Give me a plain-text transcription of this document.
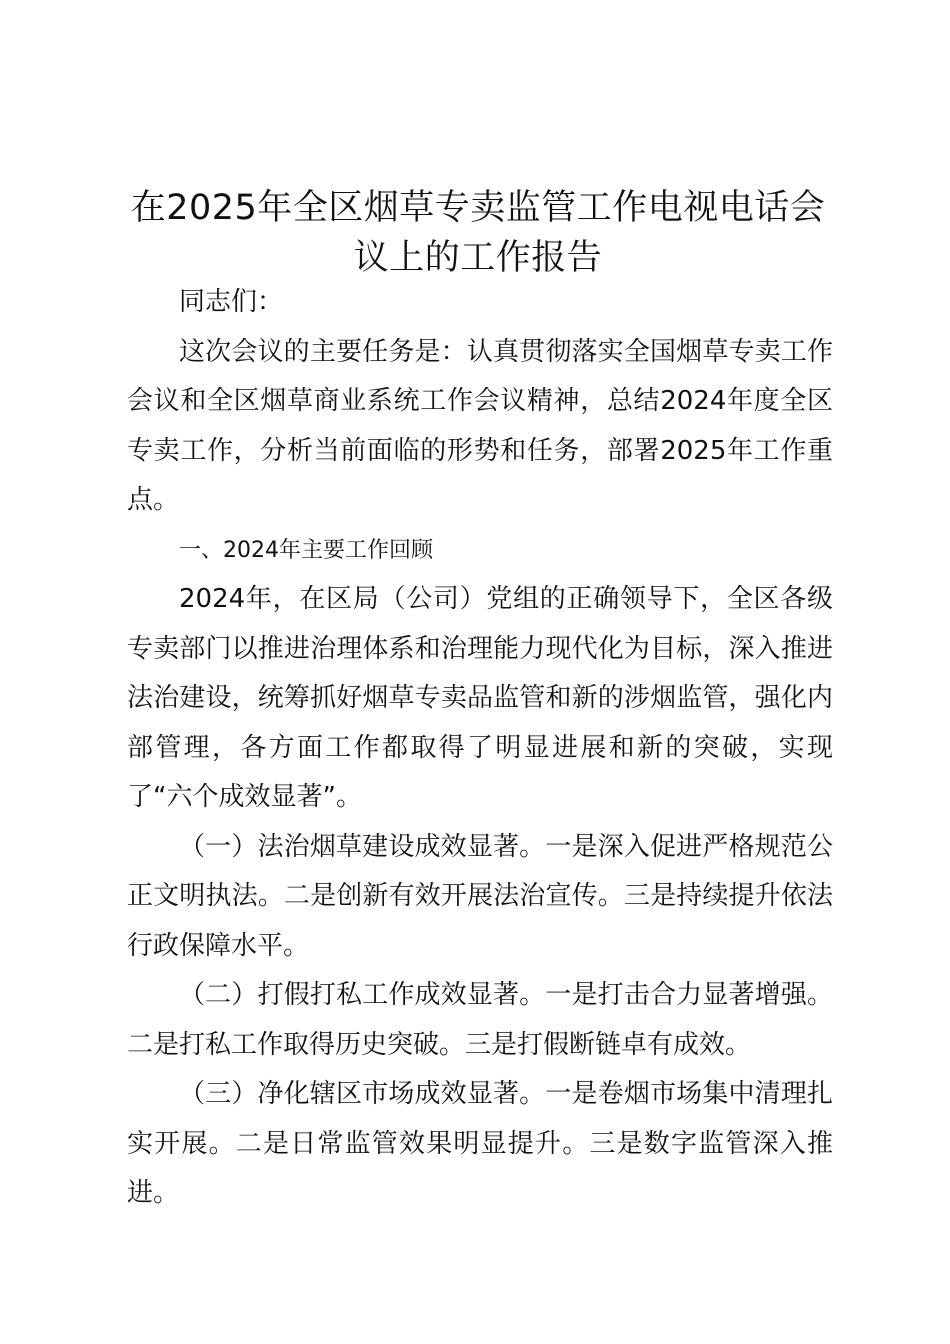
在2025年全区烟草专卖监管工作电视电话会议上的工作报告

同志们：

这次会议的主要任务是：认真贯彻落实全国烟草专卖工作会议和全区烟草商业系统工作会议精神，总结2024年度全区专卖工作，分析当前面临的形势和任务，部署2025年工作重点。

一、2024年主要工作回顾

2024年，在区局（公司）党组的正确领导下，全区各级专卖部门以推进治理体系和治理能力现代化为目标，深入推进法治建设，统筹抓好烟草专卖品监管和新的涉烟监管，强化内部管理，各方面工作都取得了明显进展和新的突破，实现了“六个成效显著”。

（一）法治烟草建设成效显著。一是深入促进严格规范公正文明执法。二是创新有效开展法治宣传。三是持续提升依法行政保障水平。

（二）打假打私工作成效显著。一是打击合力显著增强。二是打私工作取得历史突破。三是打假断链卓有成效。

（三）净化辖区市场成效显著。一是卷烟市场集中清理扎实开展。二是日常监管效果明显提升。三是数字监管深入推进。
